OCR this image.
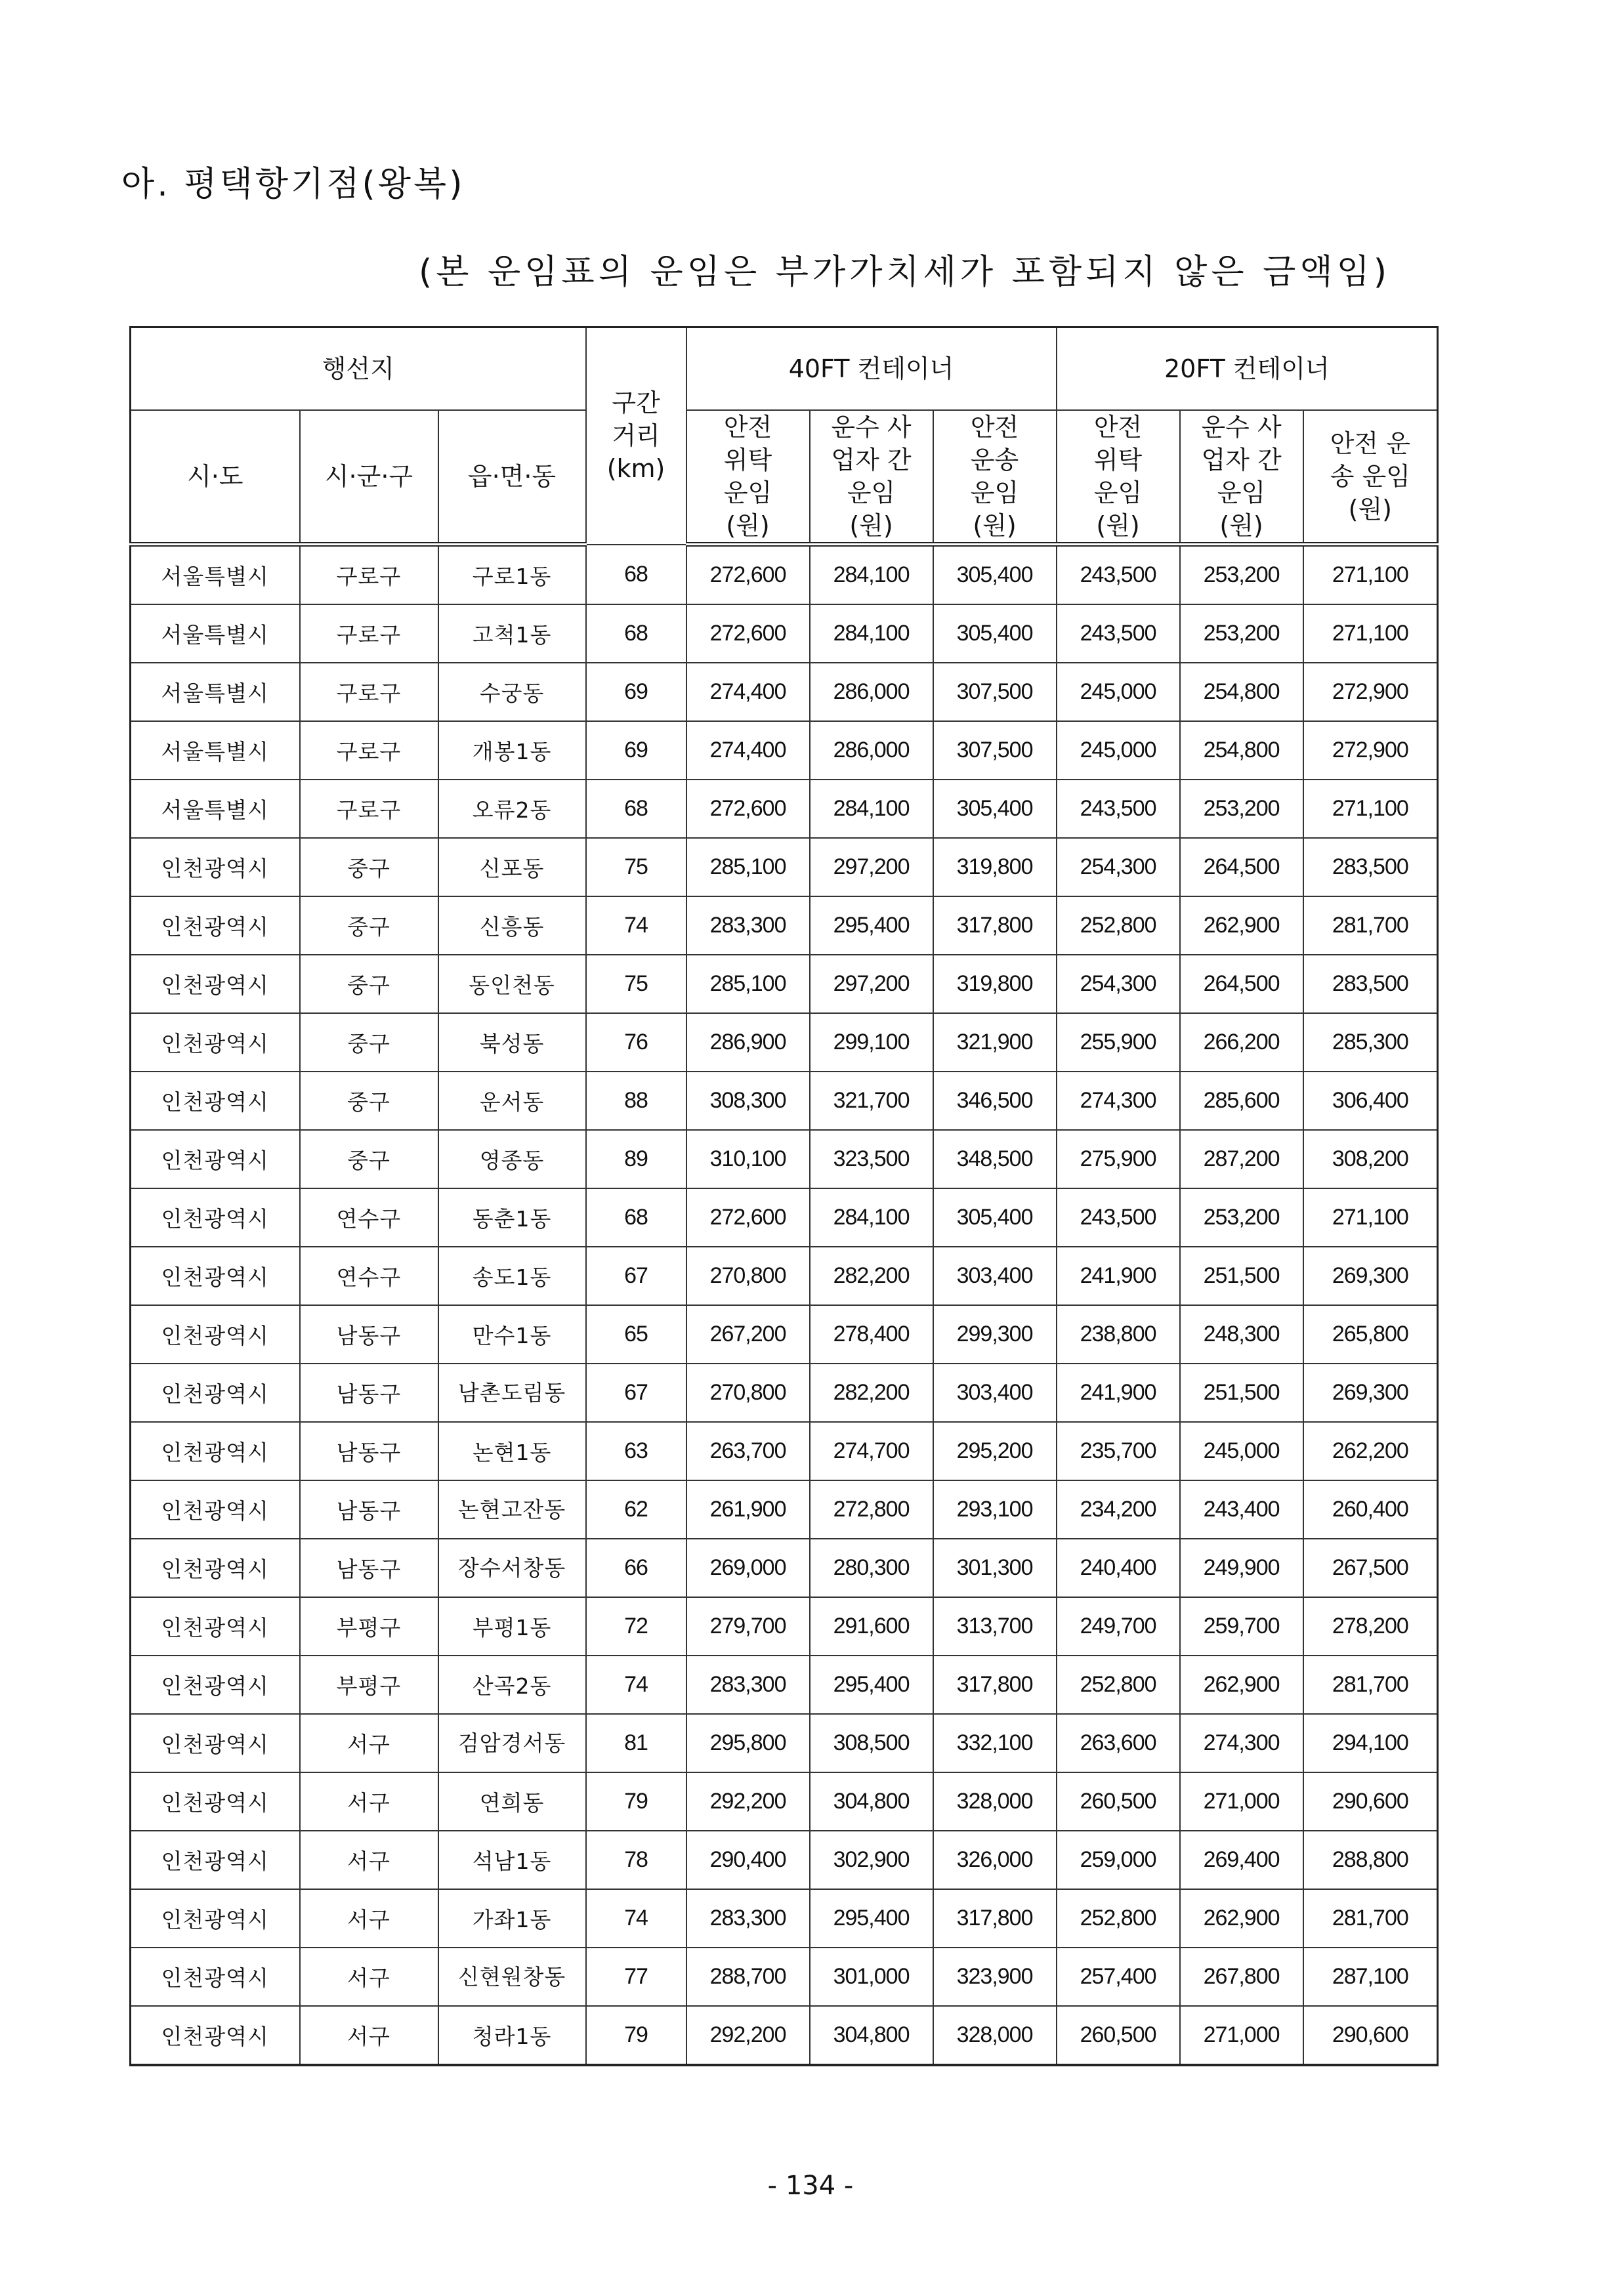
아. 평택항기점(왕복)
(본 운임표의 운임은 부가가치세가 포함되지 않은 금액임)
행선지			구간 거리 (km)	40FT 컨테이너			20FT 컨테이너		
시·도	시·군·구	읍·면·동		안전 위탁 운임 (원)	운수 사업자 간 운임 (원)	안전 운송 운임 (원)	안전 위탁 운임 (원)	운수 사업자 간 운임 (원)	안전 운송 운임 (원)
서울특별시	구로구	구로1동	68	272,600	284,100	305,400	243,500	253,200	271,100
서울특별시	구로구	고척1동	68	272,600	284,100	305,400	243,500	253,200	271,100
서울특별시	구로구	수궁동	69	274,400	286,000	307,500	245,000	254,800	272,900
서울특별시	구로구	개봉1동	69	274,400	286,000	307,500	245,000	254,800	272,900
서울특별시	구로구	오류2동	68	272,600	284,100	305,400	243,500	253,200	271,100
인천광역시	중구	신포동	75	285,100	297,200	319,800	254,300	264,500	283,500
인천광역시	중구	신흥동	74	283,300	295,400	317,800	252,800	262,900	281,700
인천광역시	중구	동인천동	75	285,100	297,200	319,800	254,300	264,500	283,500
인천광역시	중구	북성동	76	286,900	299,100	321,900	255,900	266,200	285,300
인천광역시	중구	운서동	88	308,300	321,700	346,500	274,300	285,600	306,400
인천광역시	중구	영종동	89	310,100	323,500	348,500	275,900	287,200	308,200
인천광역시	연수구	동춘1동	68	272,600	284,100	305,400	243,500	253,200	271,100
인천광역시	연수구	송도1동	67	270,800	282,200	303,400	241,900	251,500	269,300
인천광역시	남동구	만수1동	65	267,200	278,400	299,300	238,800	248,300	265,800
인천광역시	남동구	남촌도림동	67	270,800	282,200	303,400	241,900	251,500	269,300
인천광역시	남동구	논현1동	63	263,700	274,700	295,200	235,700	245,000	262,200
인천광역시	남동구	논현고잔동	62	261,900	272,800	293,100	234,200	243,400	260,400
인천광역시	남동구	장수서창동	66	269,000	280,300	301,300	240,400	249,900	267,500
인천광역시	부평구	부평1동	72	279,700	291,600	313,700	249,700	259,700	278,200
인천광역시	부평구	산곡2동	74	283,300	295,400	317,800	252,800	262,900	281,700
인천광역시	서구	검암경서동	81	295,800	308,500	332,100	263,600	274,300	294,100
인천광역시	서구	연희동	79	292,200	304,800	328,000	260,500	271,000	290,600
인천광역시	서구	석남1동	78	290,400	302,900	326,000	259,000	269,400	288,800
인천광역시	서구	가좌1동	74	283,300	295,400	317,800	252,800	262,900	281,700
인천광역시	서구	신현원창동	77	288,700	301,000	323,900	257,400	267,800	287,100
인천광역시	서구	청라1동	79	292,200	304,800	328,000	260,500	271,000	290,600
- 134 -
